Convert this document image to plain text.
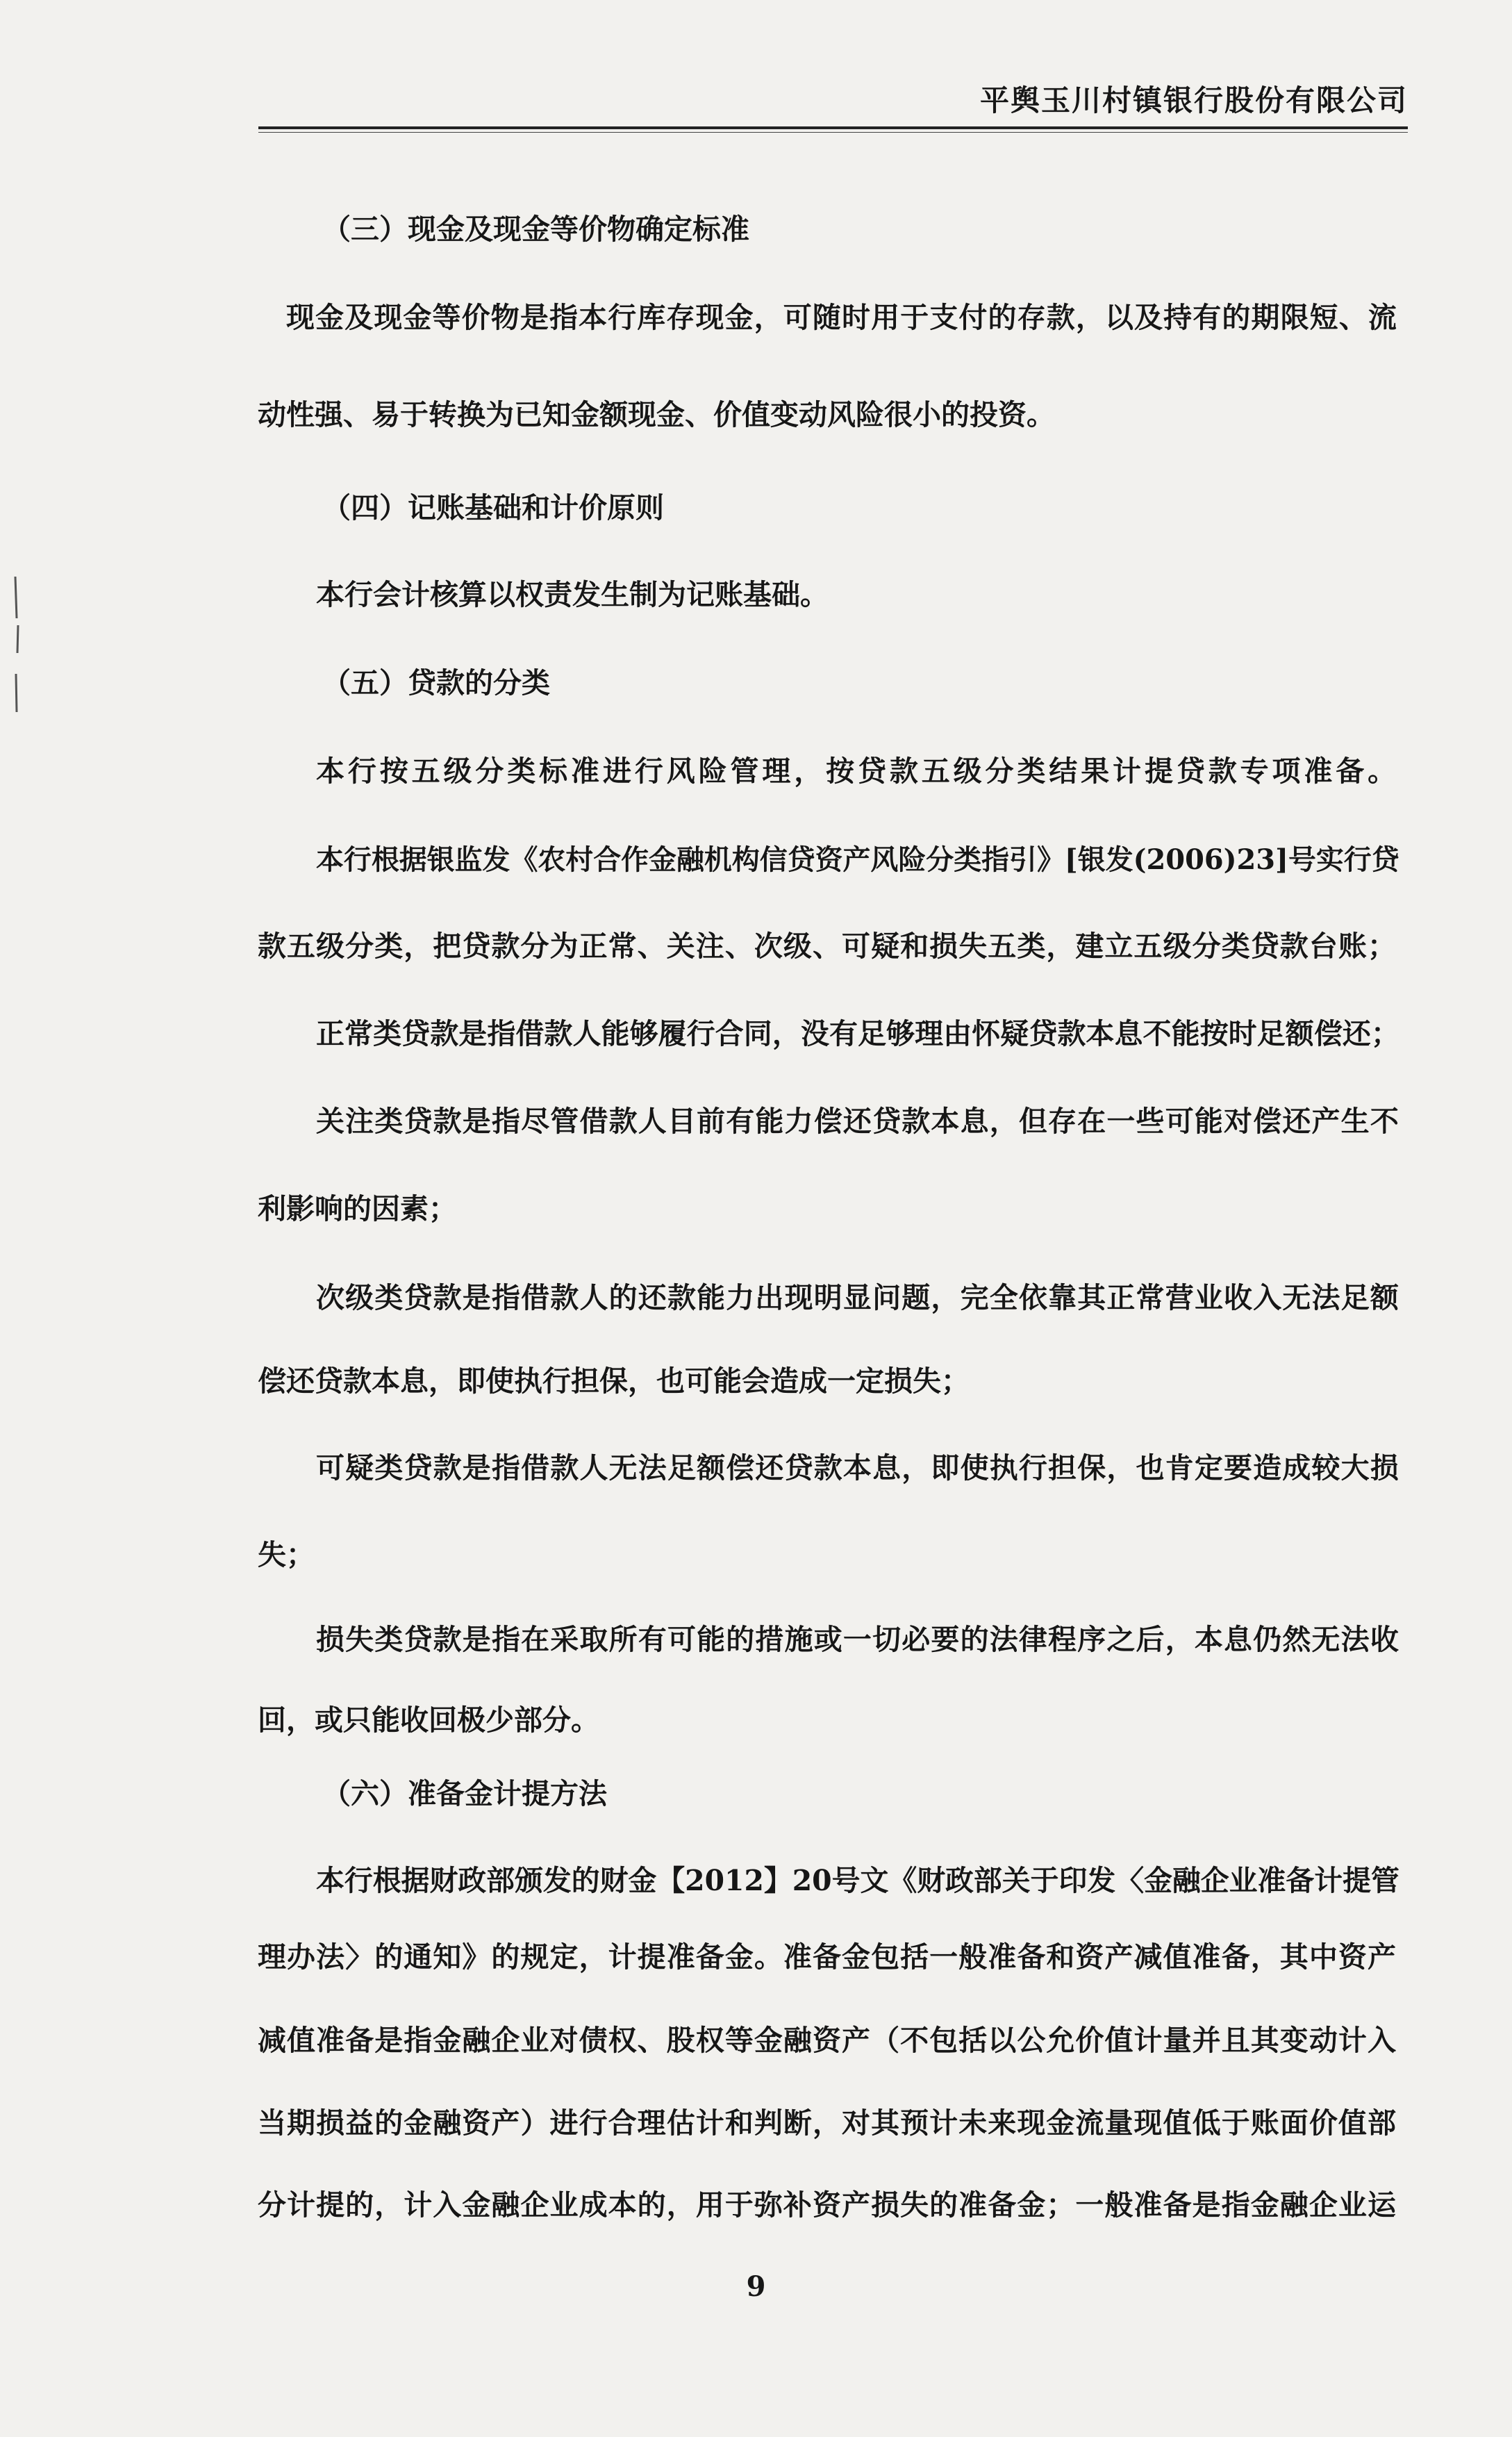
平舆玉川村镇银行股份有限公司
（三）现金及现金等价物确定标准
现金及现金等价物是指本行库存现金，可随时用于支付的存款，以及持有的期限短、流
动性强、易于转换为已知金额现金、价值变动风险很小的投资。
（四）记账基础和计价原则
本行会计核算以权责发生制为记账基础。
（五）贷款的分类
本行按五级分类标准进行风险管理，按贷款五级分类结果计提贷款专项准备。
本行根据银监发《农村合作金融机构信贷资产风险分类指引》[银发(2006)23]号实行贷
款五级分类，把贷款分为正常、关注、次级、可疑和损失五类，建立五级分类贷款台账；
正常类贷款是指借款人能够履行合同，没有足够理由怀疑贷款本息不能按时足额偿还；
关注类贷款是指尽管借款人目前有能力偿还贷款本息，但存在一些可能对偿还产生不
利影响的因素；
次级类贷款是指借款人的还款能力出现明显问题，完全依靠其正常营业收入无法足额
偿还贷款本息，即使执行担保，也可能会造成一定损失；
可疑类贷款是指借款人无法足额偿还贷款本息，即使执行担保，也肯定要造成较大损
失；
损失类贷款是指在采取所有可能的措施或一切必要的法律程序之后，本息仍然无法收
回，或只能收回极少部分。
（六）准备金计提方法
本行根据财政部颁发的财金【2012】20号文《财政部关于印发〈金融企业准备计提管
理办法〉的通知》的规定，计提准备金。准备金包括一般准备和资产减值准备，其中资产
减值准备是指金融企业对债权、股权等金融资产（不包括以公允价值计量并且其变动计入
当期损益的金融资产）进行合理估计和判断，对其预计未来现金流量现值低于账面价值部
分计提的，计入金融企业成本的，用于弥补资产损失的准备金；一般准备是指金融企业运
9
